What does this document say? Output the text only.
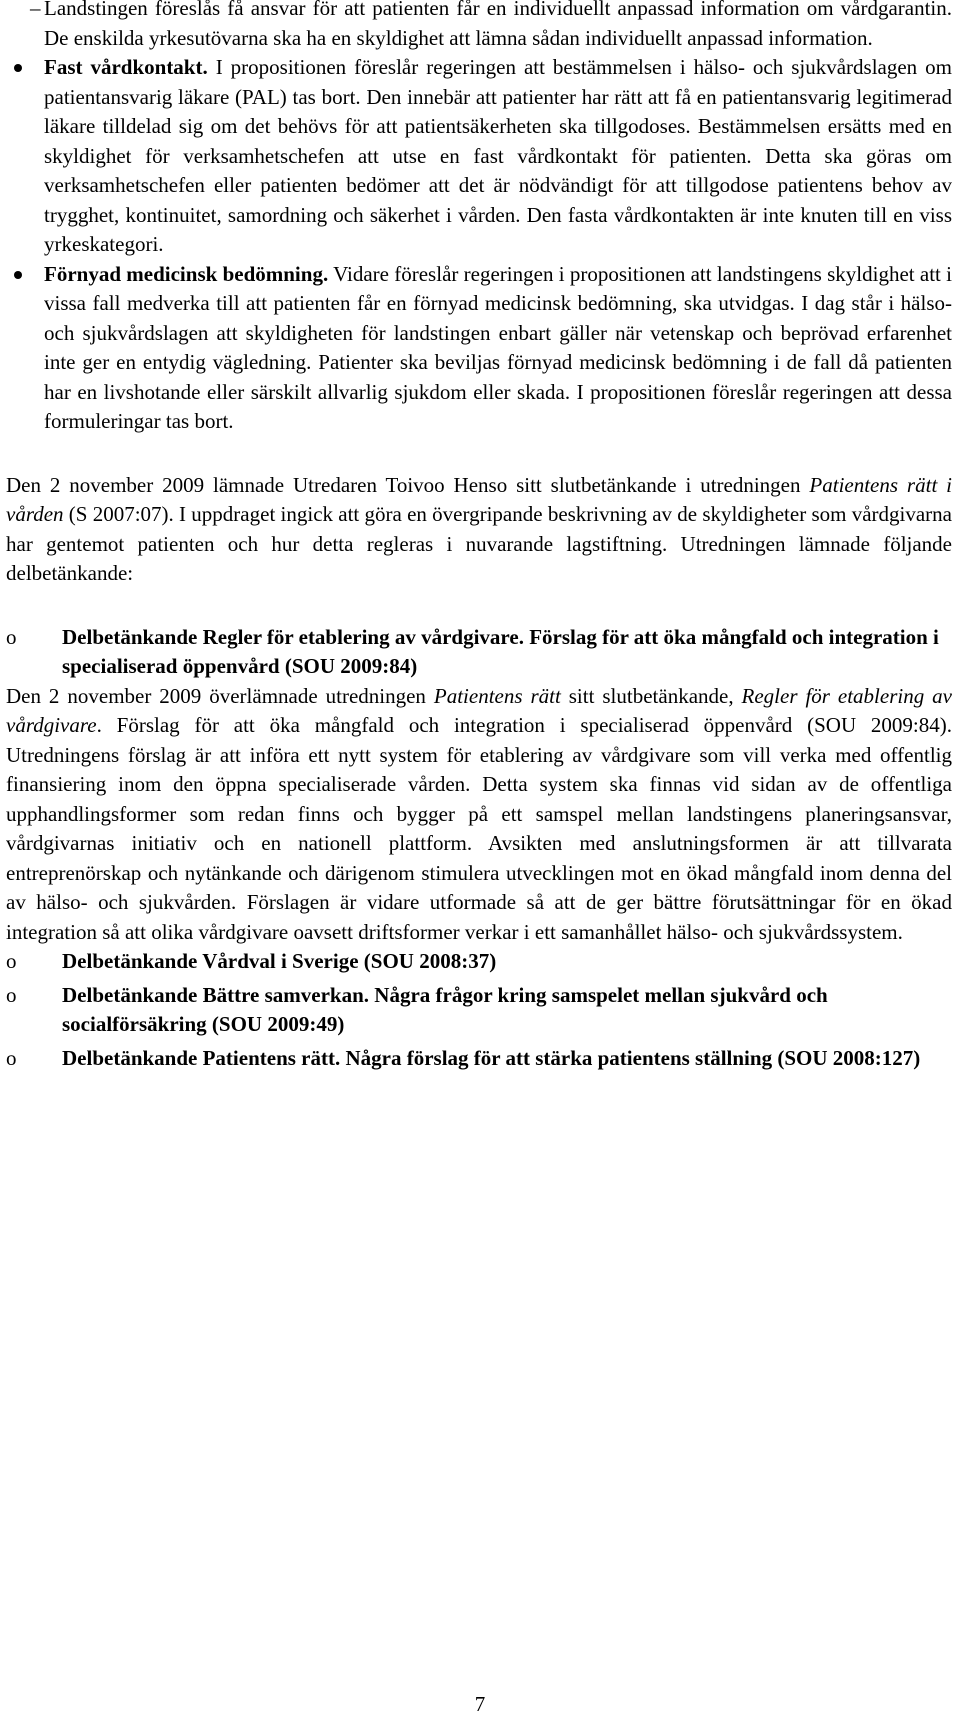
– Landstingen föreslås få ansvar för att patienten får en individuellt anpassad information om vårdgarantin. De enskilda yrkesutövarna ska ha en skyldighet att lämna sådan individuellt anpassad information.

Fast vårdkontakt. I propositionen föreslår regeringen att bestämmelsen i hälso- och sjukvårdslagen om patientansvarig läkare (PAL) tas bort. Den innebär att patienter har rätt att få en patientansvarig legitimerad läkare tilldelad sig om det behövs för att patientsäkerheten ska tillgodoses. Bestämmelsen ersätts med en skyldighet för verksamhetschefen att utse en fast vårdkontakt för patienten. Detta ska göras om verksamhetschefen eller patienten bedömer att det är nödvändigt för att tillgodose patientens behov av trygghet, kontinuitet, samordning och säkerhet i vården. Den fasta vårdkontakten är inte knuten till en viss yrkeskategori.
Förnyad medicinsk bedömning. Vidare föreslår regeringen i propositionen att landstingens skyldighet att i vissa fall medverka till att patienten får en förnyad medicinsk bedömning, ska utvidgas. I dag står i hälso- och sjukvårdslagen att skyldigheten för landstingen enbart gäller när vetenskap och beprövad erfarenhet inte ger en entydig vägledning. Patienter ska beviljas förnyad medicinsk bedömning i de fall då patienten har en livshotande eller särskilt allvarlig sjukdom eller skada. I propositionen föreslår regeringen att dessa formuleringar tas bort.

Den 2 november 2009 lämnade Utredaren Toivoo Henso sitt slutbetänkande i utredningen Patientens rätt i vården (S 2007:07). I uppdraget ingick att göra en övergripande beskrivning av de skyldigheter som vårdgivarna har gentemot patienten och hur detta regleras i nuvarande lagstiftning. Utredningen lämnade följande delbetänkande:

o Delbetänkande Regler för etablering av vårdgivare. Förslag för att öka mångfald och integration i specialiserad öppenvård (SOU 2009:84)

Den 2 november 2009 överlämnade utredningen Patientens rätt sitt slutbetänkande, Regler för etablering av vårdgivare. Förslag för att öka mångfald och integration i specialiserad öppenvård (SOU 2009:84). Utredningens förslag är att införa ett nytt system för etablering av vårdgivare som vill verka med offentlig finansiering inom den öppna specialiserade vården. Detta system ska finnas vid sidan av de offentliga upphandlingsformer som redan finns och bygger på ett samspel mellan landstingens planeringsansvar, vårdgivarnas initiativ och en nationell plattform. Avsikten med anslutningsformen är att tillvarata entreprenörskap och nytänkande och därigenom stimulera utvecklingen mot en ökad mångfald inom denna del av hälso- och sjukvården. Förslagen är vidare utformade så att de ger bättre förutsättningar för en ökad integration så att olika vårdgivare oavsett driftsformer verkar i ett samanhållet hälso- och sjukvårdssystem.

o Delbetänkande Vårdval i Sverige (SOU 2008:37)
o Delbetänkande Bättre samverkan. Några frågor kring samspelet mellan sjukvård och socialförsäkring (SOU 2009:49)
o Delbetänkande Patientens rätt. Några förslag för att stärka patientens ställning (SOU 2008:127)
7
